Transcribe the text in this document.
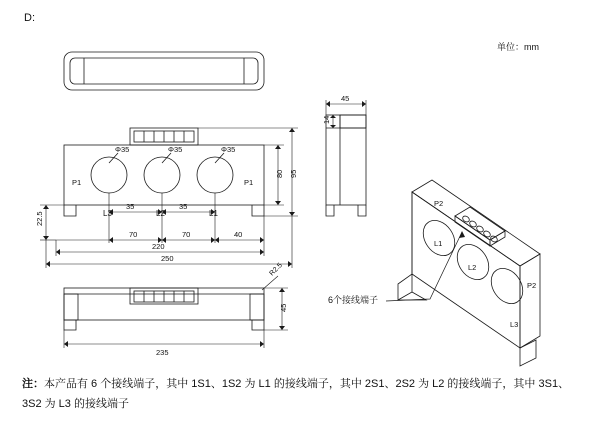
D:
单位：mm
Φ35	Φ35	Φ35
P1	P1
L3	L2	L1
35	35
70	70	40
220
250
80 95
22.5
45
14
235
45
R2.5
L1
L2
L3
P2
P2
6个接线端子
注：本产品有 6 个接线端子，其中 1S1、1S2 为 L1 的接线端子，其中 2S1、2S2 为 L2 的接线端子，其中 3S1、3S2 为 L3 的接线端子
